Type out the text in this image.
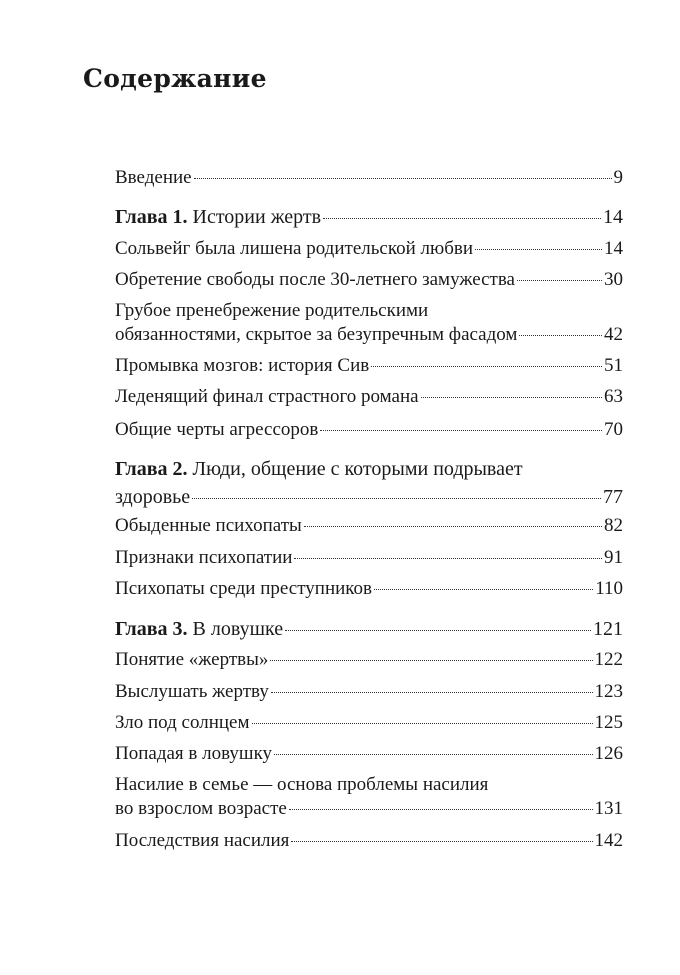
Содержание
Введение	9
Глава 1. Истории жертв	14
Сольвейг была лишена родительской любви	14
Обретение свободы после 30-летнего замужества	30
Грубое пренебрежение родительскими
обязанностями, скрытое за безупречным фасадом	42
Промывка мозгов: история Сив	51
Леденящий финал страстного романа	63
Общие черты агрессоров	70
Глава 2. Люди, общение с которыми подрывает
здоровье	77
Обыденные психопаты	82
Признаки психопатии	91
Психопаты среди преступников	110
Глава 3. В ловушке	121
Понятие «жертвы»	122
Выслушать жертву	123
Зло под солнцем	125
Попадая в ловушку	126
Насилие в семье — основа проблемы насилия
во взрослом возрасте	131
Последствия насилия	142
